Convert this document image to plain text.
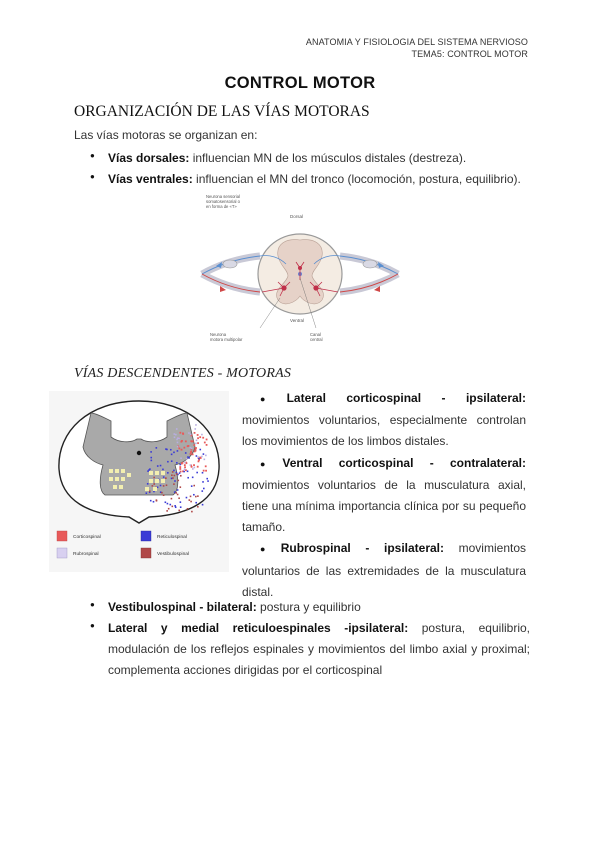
ANATOMIA Y FISIOLOGIA DEL SISTEMA NERVIOSO
TEMA5: CONTROL MOTOR
CONTROL MOTOR
ORGANIZACIÓN DE LAS VÍAS MOTORAS
Las vías motoras se organizan en:
● Vías dorsales: influencian MN de los músculos distales (destreza).
● Vías ventrales: influencian el MN del tronco (locomoción, postura, equilibrio).
Neurona sensorial
somatosensorial o
en forma de «T»
Dorsal
Ventral
Neurona
motora multipolar
Canal
central
VÍAS DESCENDENTES - MOTORAS
Corticospinal	Reticulospinal
Rubrospinal	Vestibulospinal

● Lateral corticospinal - ipsilateral:
movimientos voluntarios, especialmente controlan los movimientos de los limbos distales.

● Ventral corticospinal - contralateral:
movimientos voluntarios de la musculatura axial, tiene una mínima importancia clínica por su pequeño tamaño.

● Rubrospinal - ipsilateral: movimientos
voluntarios de las extremidades de la musculatura distal.

● Vestibulospinal - bilateral: postura y equilibrio
● Lateral y medial reticuloespinales -ipsilateral: postura, equilibrio, modulación de los reflejos espinales y movimientos del limbo axial y proximal; complementa acciones dirigidas por el corticospinal
